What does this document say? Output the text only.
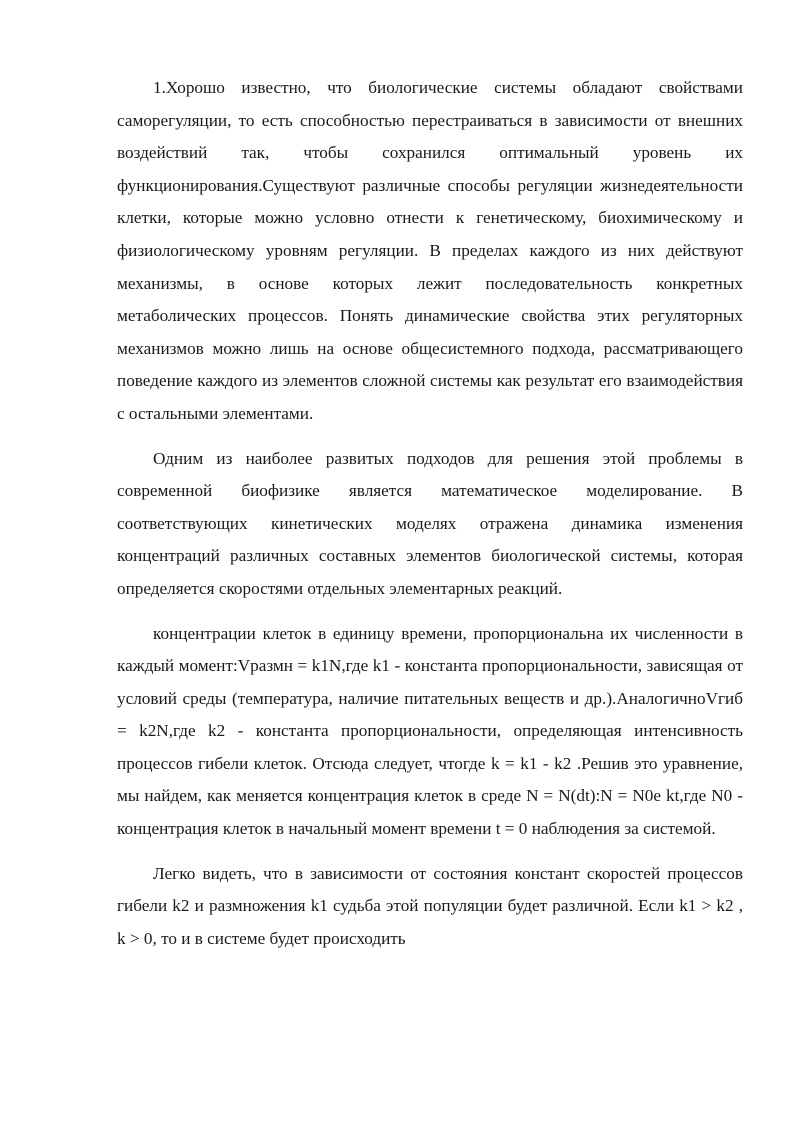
1.Хорошо известно, что биологические системы обладают свойствами саморегуляции, то есть способностью перестраиваться в зависимости от внешних воздействий так, чтобы сохранился оптимальный уровень их функционирования.Существуют различные способы регуляции жизнедеятельности клетки, которые можно условно отнести к генетическому, биохимическому и физиологическому уровням регуляции. В пределах каждого из них действуют механизмы, в основе которых лежит последовательность конкретных метаболических процессов. Понять динамические свойства этих регуляторных механизмов можно лишь на основе общесистемного подхода, рассматривающего поведение каждого из элементов сложной системы как результат его взаимодействия с остальными элементами.

Одним из наиболее развитых подходов для решения этой проблемы в современной биофизике является математическое моделирование. В соответствующих кинетических моделях отражена динамика изменения концентраций различных составных элементов биологической системы, которая определяется скоростями отдельных элементарных реакций.

концентрации клеток в единицу времени, пропорциональна их численности в каждый момент:Vразмн = k1N,где k1 - константа пропорциональности, зависящая от условий среды (температура, наличие питательных веществ и др.).АналогичноVгиб = k2N,где k2 - константа пропорциональности, определяющая интенсивность процессов гибели клеток. Отсюда следует, чтогде k = k1 - k2 .Решив это уравнение, мы найдем, как меняется концентрация клеток в среде N = N(dt):N = N0e kt,где N0 - концентрация клеток в начальный момент времени t = 0 наблюдения за системой.

Легко видеть, что в зависимости от состояния констант скоростей процессов гибели k2 и размножения k1 судьба этой популяции будет различной. Если k1 > k2 , k > 0, то и в системе будет происходить
